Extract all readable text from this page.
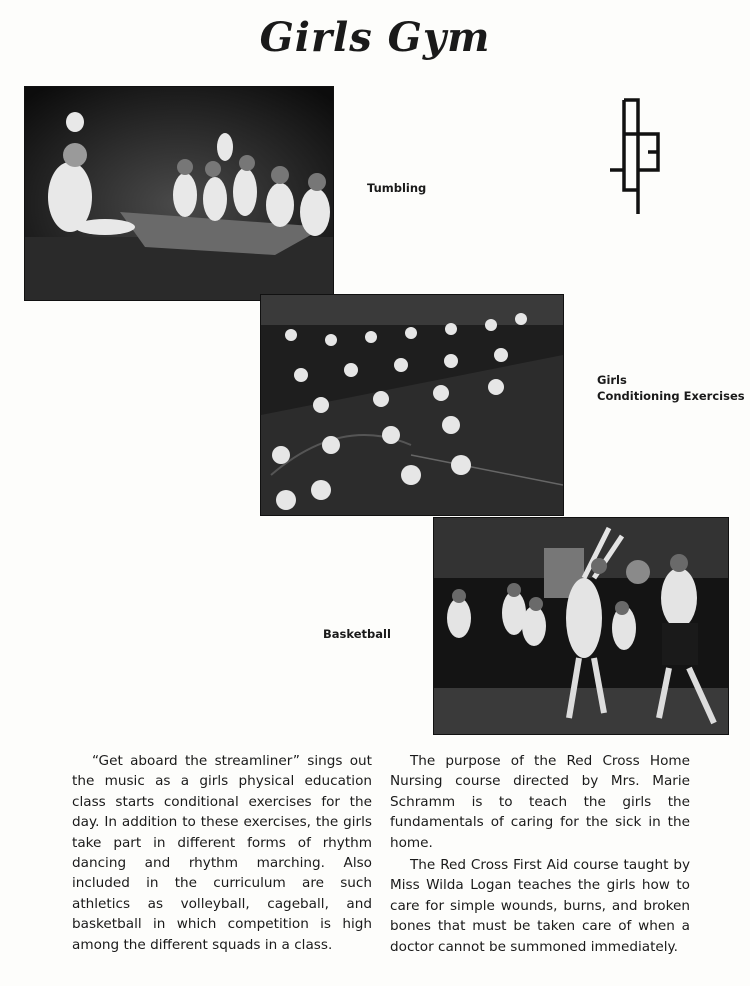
Girls Gym
Tumbling
Girls
Conditioning Exercises
Basketball

“Get aboard the streamliner” sings out the music as a girls physical education class starts conditional exercises for the day. In addition to these exercises, the girls take part in different forms of rhythm dancing and rhythm marching. Also included in the curriculum are such athletics as volleyball, cageball, and basketball in which competition is high among the different squads in a class.

The purpose of the Red Cross Home Nursing course directed by Mrs. Marie Schramm is to teach the girls the fundamentals of caring for the sick in the home.

The Red Cross First Aid course taught by Miss Wilda Logan teaches the girls how to care for simple wounds, burns, and broken bones that must be taken care of when a doctor cannot be summoned immediately.
